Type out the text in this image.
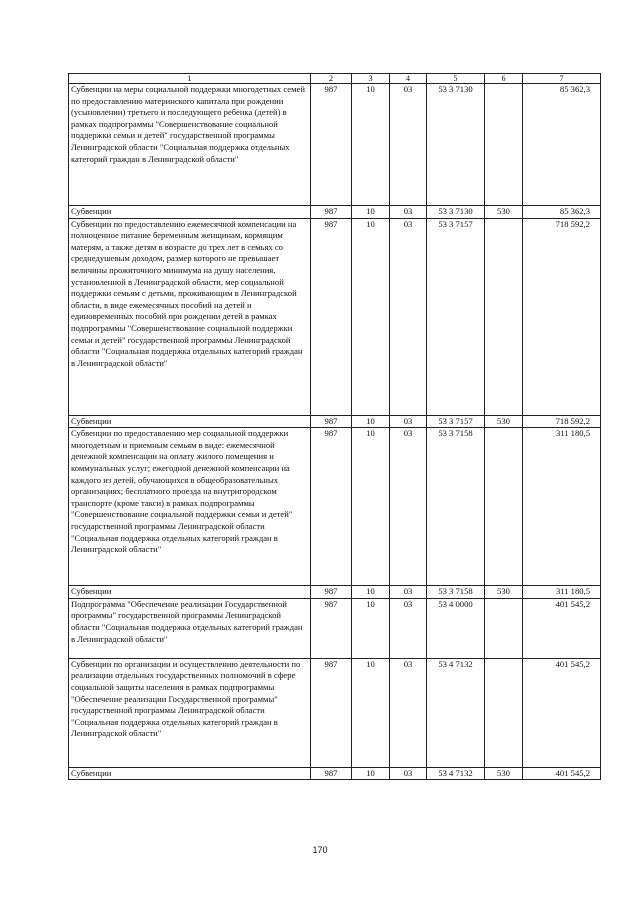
1	2	3	4	5	6	7
Субвенции на меры социальной поддержки многодетных семей по предоставлению материнского капитала при рождении (усыновлении) третьего и последующего ребенка (детей) в рамках подпрограммы "Совершенствование социальной поддержки семьи и детей" государственной программы Ленинградской области "Социальная поддержка отдельных категорий граждан в Ленинградской области"	987	10	03	53 3 7130		85 362,3
Субвенции	987	10	03	53 3 7130	530	85 362,3
Субвенции по предоставлению ежемесячной компенсации на полноценное питание беременным женщинам, кормящим матерям, а также детям в возрасте до трех лет в семьях со среднедушевым доходом, размер которого не превышает величины прожиточного минимума на душу населения, установленной в Ленинградской области, мер социальной поддержки семьям с детьми, проживающим в Ленинградской области, в виде ежемесячных пособий на детей и единовременных пособий при рождении детей в рамках подпрограммы "Совершенствование социальной поддержки семьи и детей" государственной программы Ленинградской области "Социальная поддержка отдельных категорий граждан в Ленинградской области"	987	10	03	53 3 7157		718 592,2
Субвенции	987	10	03	53 3 7157	530	718 592,2
Субвенции по предоставлению мер социальной поддержки многодетным и приемным семьям в виде: ежемесячной денежной компенсации на оплату жилого помещения и коммунальных услуг; ежегодной денежной компенсации на каждого из детей, обучающихся в общеобразовательных организациях; бесплатного проезда на внутригородском транспорте (кроме такси) в рамках подпрограммы "Совершенствование социальной поддержки семьи и детей" государственной программы Ленинградской области "Социальная поддержка отдельных категорий граждан в Ленинградской области"	987	10	03	53 3 7158		311 180,5
Субвенции	987	10	03	53 3 7158	530	311 180,5
Подпрограмма "Обеспечение реализации Государственной программы" государственной программы Ленинградской области "Социальная поддержка отдельных категорий граждан в Ленинградской области"	987	10	03	53 4 0000		401 545,2
Субвенции по организации и осуществлению деятельности по реализации отдельных государственных полномочий в сфере социальной защиты населения в рамках подпрограммы "Обеспечение реализации Государственной программы" государственной программы Ленинградской области "Социальная поддержка отдельных категорий граждан в Ленинградской области"	987	10	03	53 4 7132		401 545,2
Субвенции	987	10	03	53 4 7132	530	401 545,2
170
